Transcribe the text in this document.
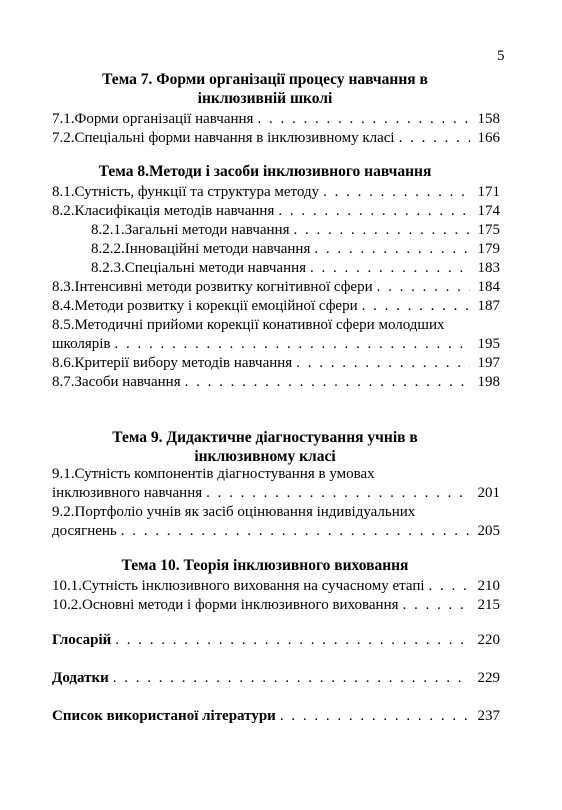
5
Тема 7. Форми організації процесу навчання в
інклюзивній школі
7.1.Форми організації навчання . . .	158
7.2.Спеціальні форми навчання в інклюзивному класі . . .	166
Тема 8.Методи і засоби інклюзивного навчання
8.1.Сутність, функції та структура методу . . .	171
8.2.Класифікація методів навчання . . .	174
8.2.1.Загальні методи навчання . . .	175
8.2.2.Інноваційні методи навчання . . .	179
8.2.3.Спеціальні методи навчання . . .	183
8.3.Інтенсивні методи розвитку когнітивної сфери . . .	184
8.4.Методи розвитку і корекції емоційної сфери . . .	187
8.5.Методичні прийоми корекції конативної сфери молодших
школярів . . .	195
8.6.Критерії вибору методів навчання . . .	197
8.7.Засоби навчання . . .	198
Тема 9. Дидактичне діагностування учнів в
інклюзивному класі
9.1.Сутність компонентів діагностування в умовах
інклюзивного навчання . . .	201
9.2.Портфоліо учнів як засіб оцінювання індивідуальних
досягнень . . .	205
Тема 10. Теорія інклюзивного виховання
10.1.Сутність інклюзивного виховання на сучасному етапі . . .	210
10.2.Основні методи і форми інклюзивного виховання . . .	215
Глосарій . . .	220
Додатки . . .	229
Список використаної літератури . . .	237
